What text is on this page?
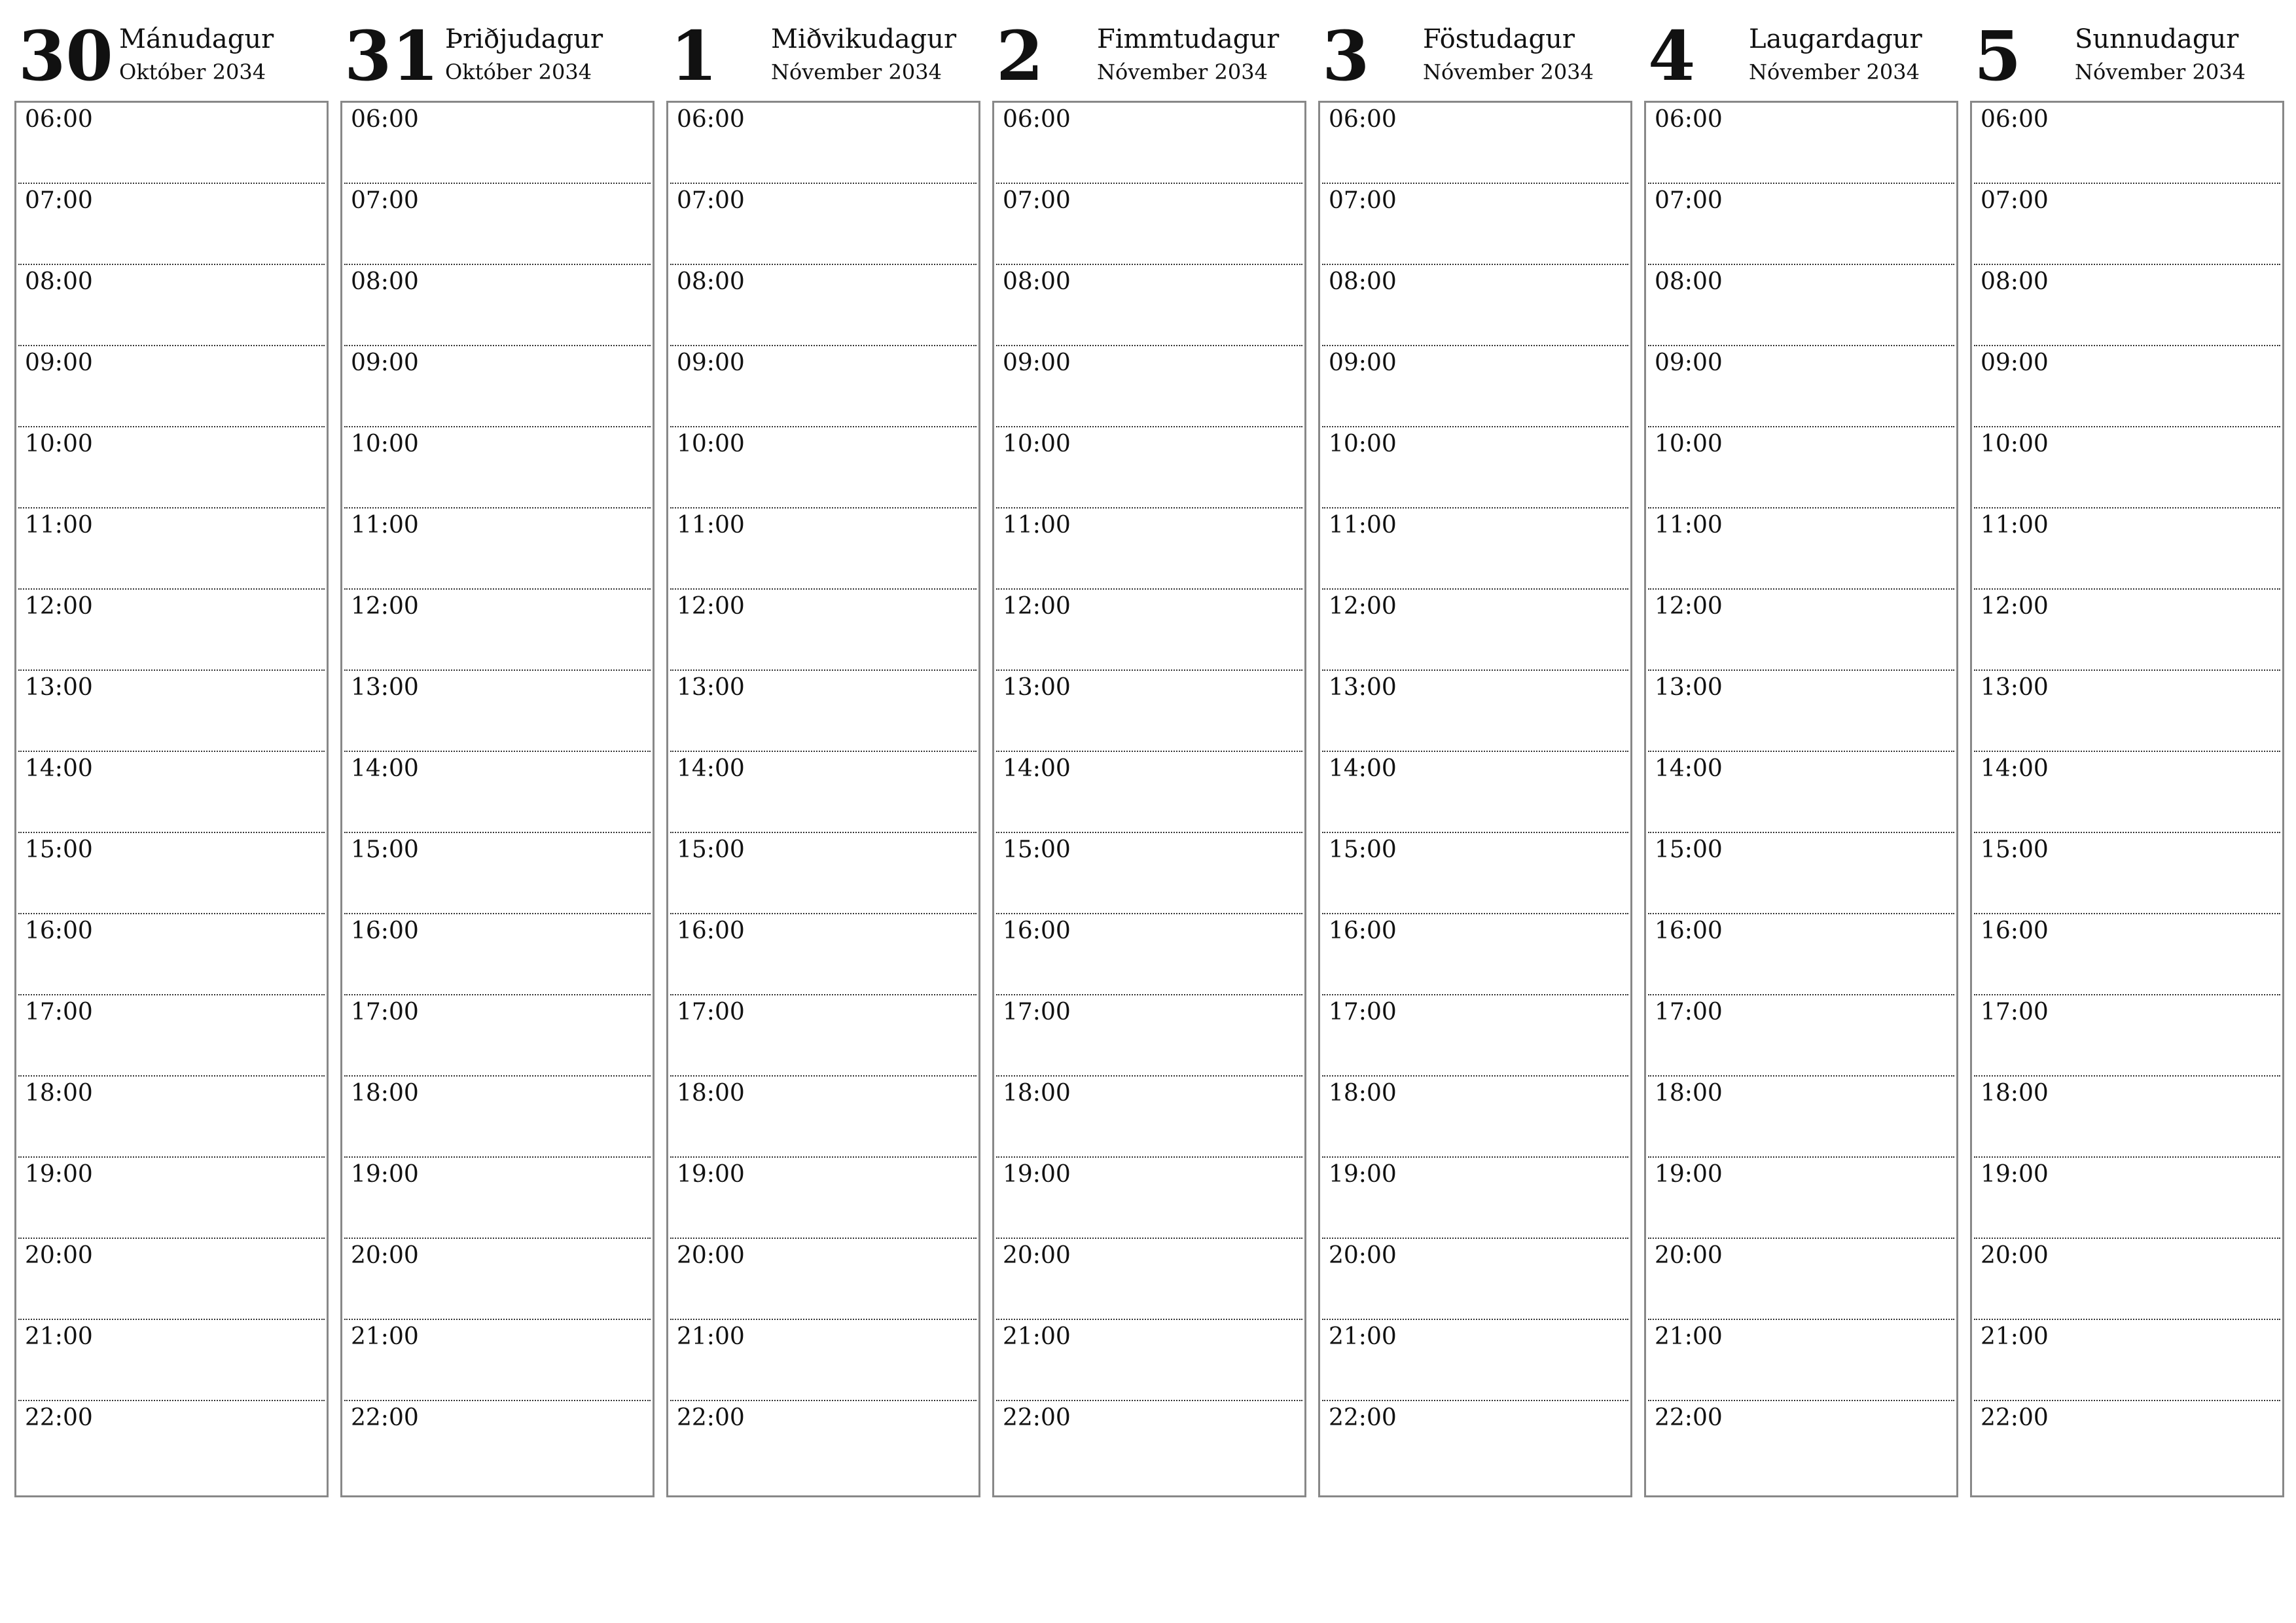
30 Mánudagur
Október 2034
06:00
07:00
08:00
09:00
10:00
11:00
12:00
13:00
14:00
15:00
16:00
17:00
18:00
19:00
20:00
21:00
22:00
31 Þriðjudagur
Október 2034
06:00
07:00
08:00
09:00
10:00
11:00
12:00
13:00
14:00
15:00
16:00
17:00
18:00
19:00
20:00
21:00
22:00
1 Miðvikudagur
Nóvember 2034
06:00
07:00
08:00
09:00
10:00
11:00
12:00
13:00
14:00
15:00
16:00
17:00
18:00
19:00
20:00
21:00
22:00
2 Fimmtudagur
Nóvember 2034
06:00
07:00
08:00
09:00
10:00
11:00
12:00
13:00
14:00
15:00
16:00
17:00
18:00
19:00
20:00
21:00
22:00
3 Föstudagur
Nóvember 2034
06:00
07:00
08:00
09:00
10:00
11:00
12:00
13:00
14:00
15:00
16:00
17:00
18:00
19:00
20:00
21:00
22:00
4 Laugardagur
Nóvember 2034
06:00
07:00
08:00
09:00
10:00
11:00
12:00
13:00
14:00
15:00
16:00
17:00
18:00
19:00
20:00
21:00
22:00
5 Sunnudagur
Nóvember 2034
06:00
07:00
08:00
09:00
10:00
11:00
12:00
13:00
14:00
15:00
16:00
17:00
18:00
19:00
20:00
21:00
22:00
